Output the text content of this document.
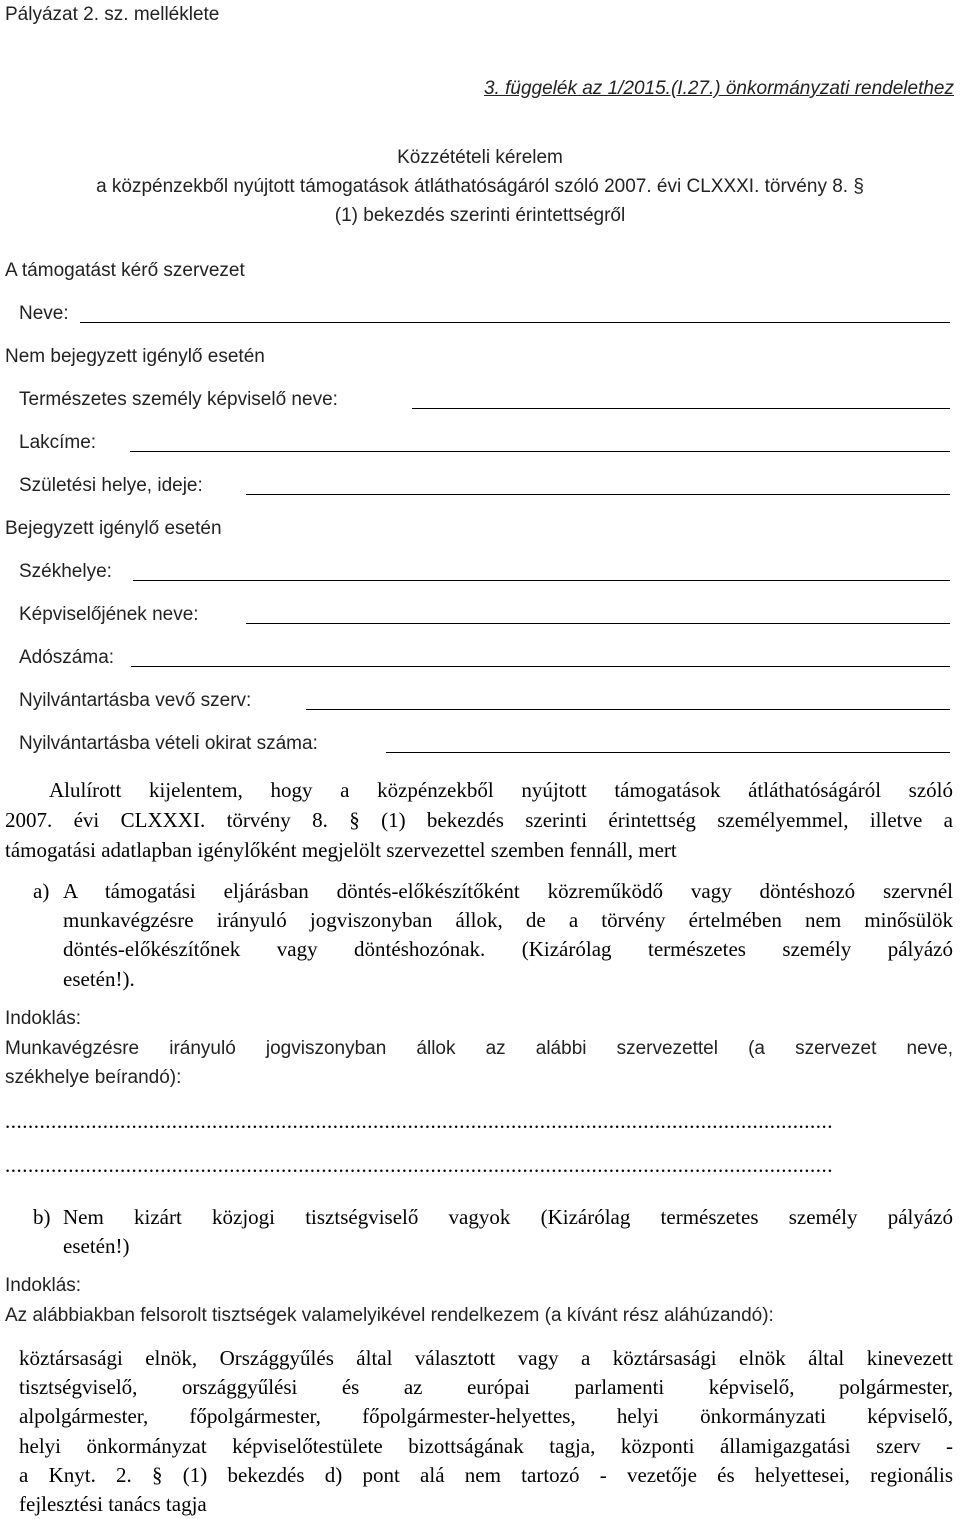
Pályázat 2. sz. melléklete
3. függelék az 1/2015.(I.27.) önkormányzati rendelethez
Közzétételi kérelem
a közpénzekből nyújtott támogatások átláthatóságáról szóló 2007. évi CLXXXI. törvény 8. §
(1) bekezdés szerinti érintettségről
A támogatást kérő szervezet
Neve:
Nem bejegyzett igénylő esetén
Természetes személy képviselő neve:
Lakcíme:
Születési helye, ideje:
Bejegyzett igénylő esetén
Székhelye:
Képviselőjének neve:
Adószáma:
Nyilvántartásba vevő szerv:
Nyilvántartásba vételi okirat száma:
Alulírott kijelentem, hogy a közpénzekből nyújtott támogatások átláthatóságáról szóló
2007. évi CLXXXI. törvény 8. § (1) bekezdés szerinti érintettség személyemmel, illetve a
támogatási adatlapban igénylőként megjelölt szervezettel szemben fennáll, mert
a) A támogatási eljárásban döntés-előkészítőként közreműködő vagy döntéshozó szervnél
munkavégzésre irányuló jogviszonyban állok, de a törvény értelmében nem minősülök
döntés-előkészítőnek vagy döntéshozónak. (Kizárólag természetes személy pályázó
esetén!).
Indoklás:
Munkavégzésre irányuló jogviszonyban állok az alábbi szervezettel (a szervezet neve,
székhelye beírandó):
................................................................................................................................................
................................................................................................................................................
b) Nem kizárt közjogi tisztségviselő vagyok (Kizárólag természetes személy pályázó
esetén!)
Indoklás:
Az alábbiakban felsorolt tisztségek valamelyikével rendelkezem (a kívánt rész aláhúzandó):
köztársasági elnök, Országgyűlés által választott vagy a köztársasági elnök által kinevezett
tisztségviselő, országgyűlési és az európai parlamenti képviselő, polgármester,
alpolgármester, főpolgármester, főpolgármester-helyettes, helyi önkormányzati képviselő,
helyi önkormányzat képviselőtestülete bizottságának tagja, központi államigazgatási szerv -
a Knyt. 2. § (1) bekezdés d) pont alá nem tartozó - vezetője és helyettesei, regionális
fejlesztési tanács tagja
